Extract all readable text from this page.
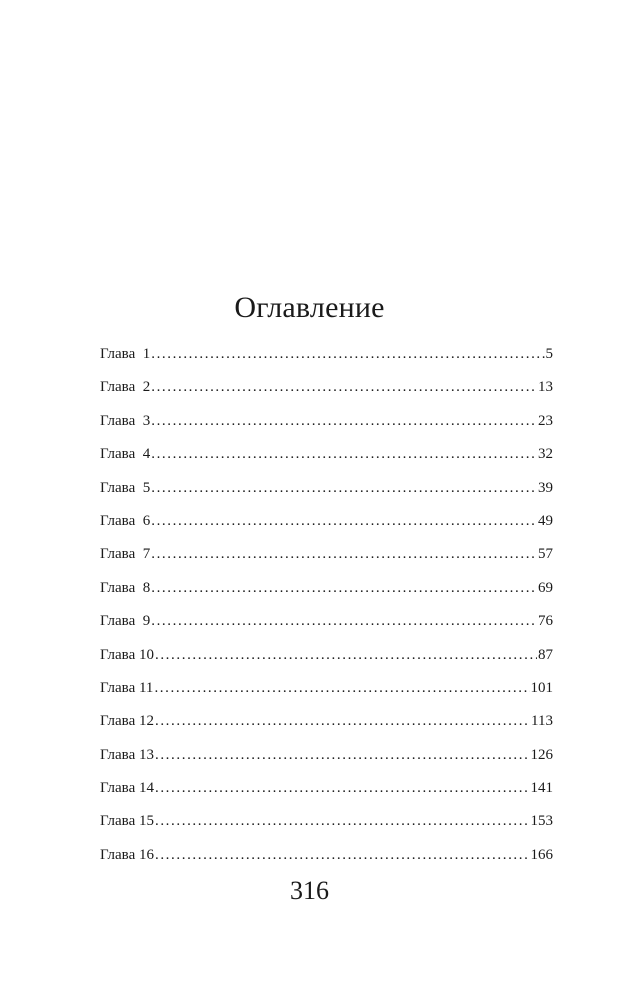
Оглавление
Глава  1 .....	5
Глава  2 .....	13
Глава  3 .....	23
Глава  4 .....	32
Глава  5 .....	39
Глава  6 .....	49
Глава  7 .....	57
Глава  8 .....	69
Глава  9 .....	76
Глава 10 .....	87
Глава 11 .....	101
Глава 12 .....	113
Глава 13 .....	126
Глава 14 .....	141
Глава 15 .....	153
Глава 16 .....	166
316
